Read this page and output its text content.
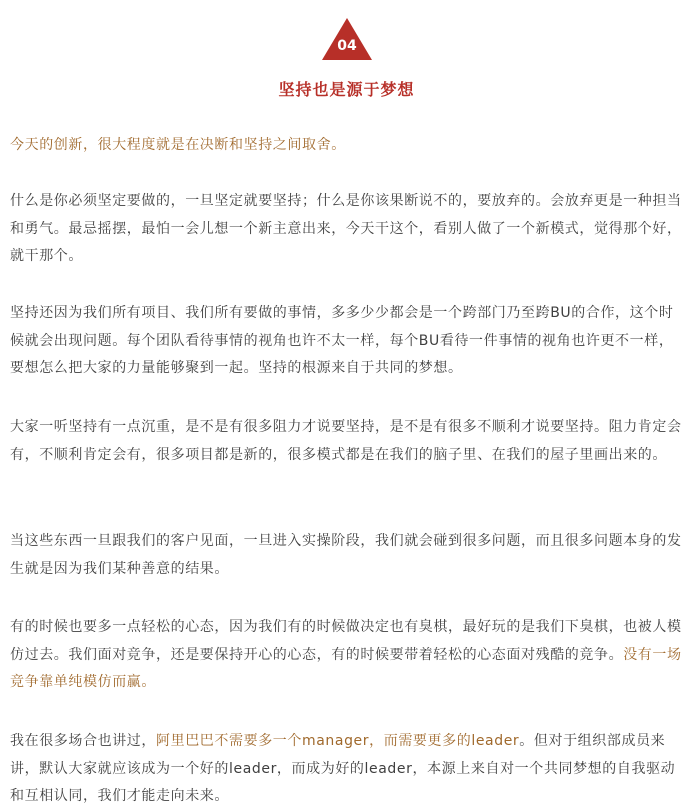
04
坚持也是源于梦想

今天的创新，很大程度就是在决断和坚持之间取舍。

什么是你必须坚定要做的，一旦坚定就要坚持；什么是你该果断说不的，要放弃的。会放弃更是一种担当和勇气。最忌摇摆，最怕一会儿想一个新主意出来，今天干这个，看别人做了一个新模式，觉得那个好，就干那个。

坚持还因为我们所有项目、我们所有要做的事情，多多少少都会是一个跨部门乃至跨BU的合作，这个时候就会出现问题。每个团队看待事情的视角也许不太一样，每个BU看待一件事情的视角也许更不一样，要想怎么把大家的力量能够聚到一起。坚持的根源来自于共同的梦想。

大家一听坚持有一点沉重，是不是有很多阻力才说要坚持，是不是有很多不顺利才说要坚持。阻力肯定会有，不顺利肯定会有，很多项目都是新的，很多模式都是在我们的脑子里、在我们的屋子里画出来的。

当这些东西一旦跟我们的客户见面，一旦进入实操阶段，我们就会碰到很多问题，而且很多问题本身的发生就是因为我们某种善意的结果。

有的时候也要多一点轻松的心态，因为我们有的时候做决定也有臭棋，最好玩的是我们下臭棋，也被人模仿过去。我们面对竞争，还是要保持开心的心态，有的时候要带着轻松的心态面对残酷的竞争。没有一场竞争靠单纯模仿而赢。

我在很多场合也讲过，阿里巴巴不需要多一个manager，而需要更多的leader。但对于组织部成员来讲，默认大家就应该成为一个好的leader，而成为好的leader，本源上来自对一个共同梦想的自我驱动和互相认同，我们才能走向未来。
